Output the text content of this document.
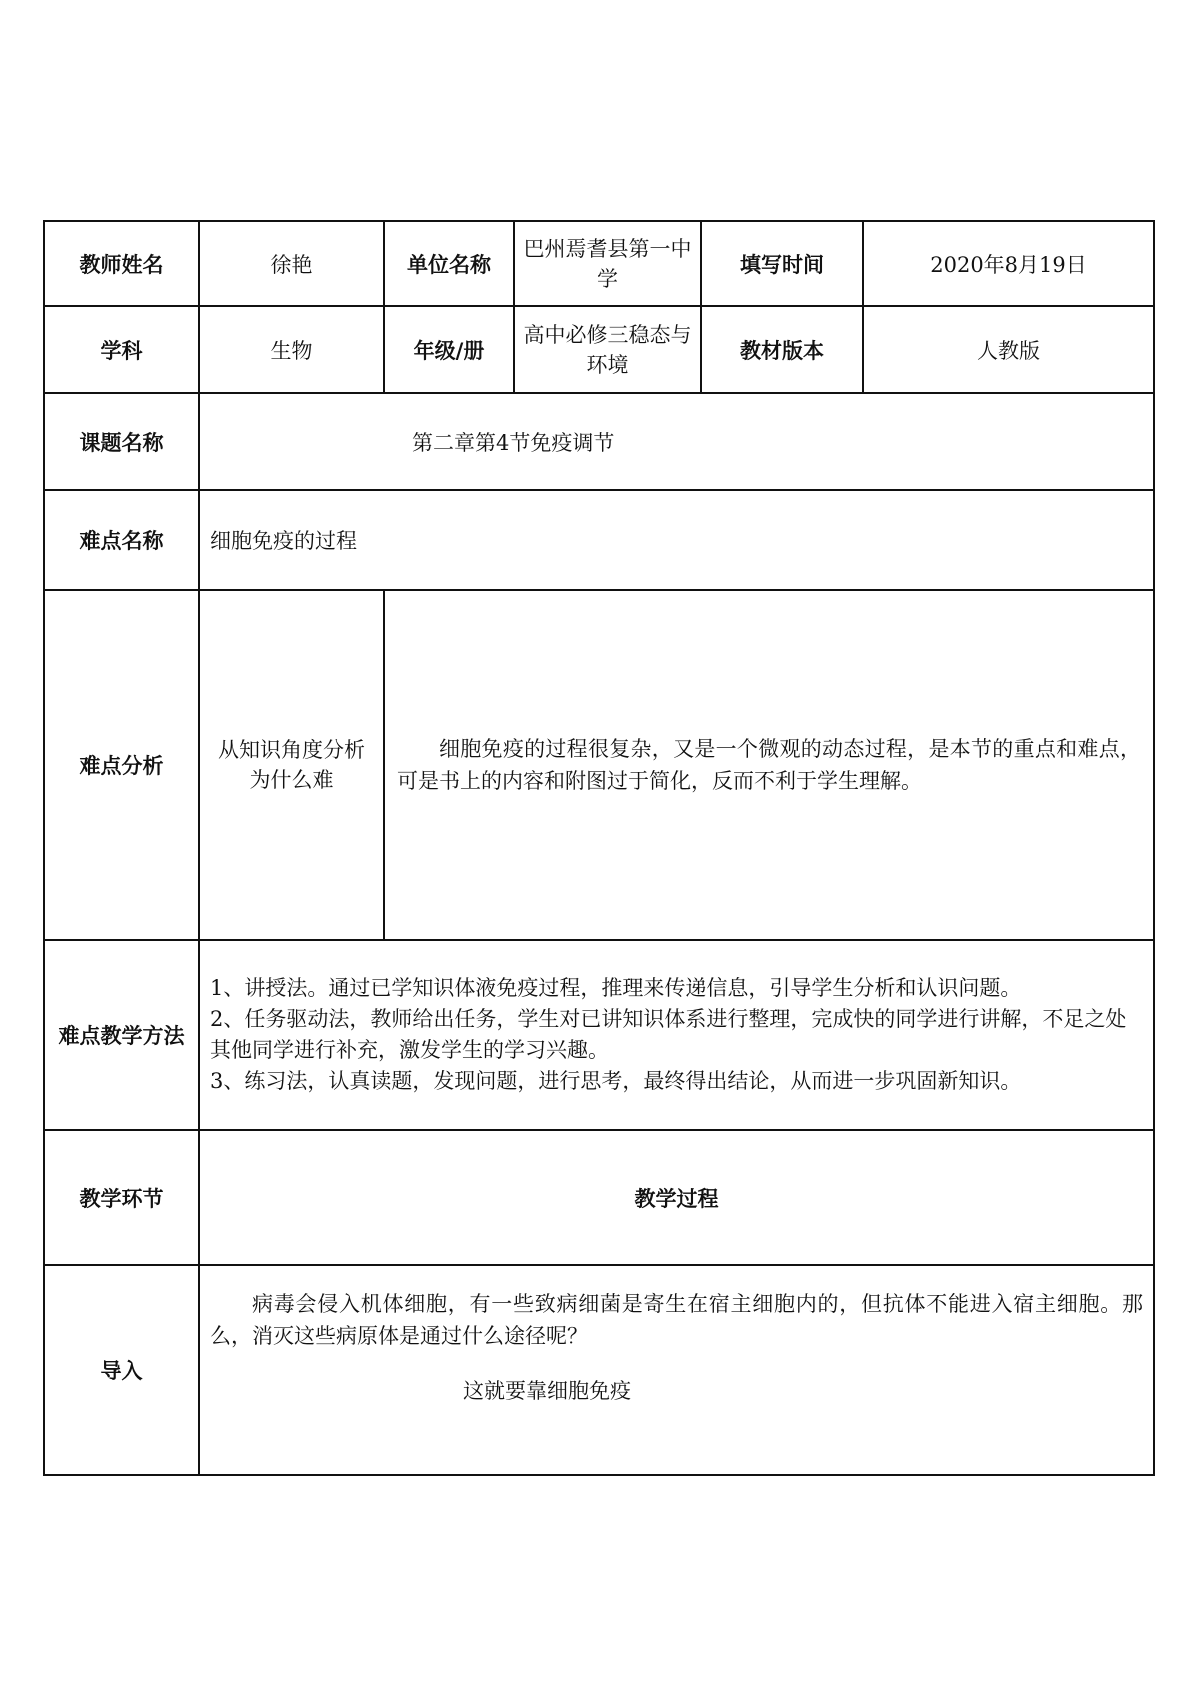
教师姓名	徐艳	单位名称	巴州焉耆县第一中学	填写时间	2020年8月19日
学科	生物	年级/册	高中必修三稳态与环境	教材版本	人教版
课题名称	第二章第4节免疫调节				
难点名称	细胞免疫的过程				
难点分析	从知识角度分析为什么难	细胞免疫的过程很复杂，又是一个微观的动态过程，是本节的重点和难点，可是书上的内容和附图过于简化，反而不利于学生理解。			
难点教学方法	1、讲授法。通过已学知识体液免疫过程，推理来传递信息，引导学生分析和认识问题。

2、任务驱动法，教师给出任务，学生对已讲知识体系进行整理，完成快的同学进行讲解，不足之处其他同学进行补充，激发学生的学习兴趣。

3、练习法，认真读题，发现问题，进行思考，最终得出结论，从而进一步巩固新知识。				

教学环节	教学过程				
导入	病毒会侵入机体细胞，有一些致病细菌是寄生在宿主细胞内的，但抗体不能进入宿主细胞。那么，消灭这些病原体是通过什么途径呢？

这就要靠细胞免疫				
